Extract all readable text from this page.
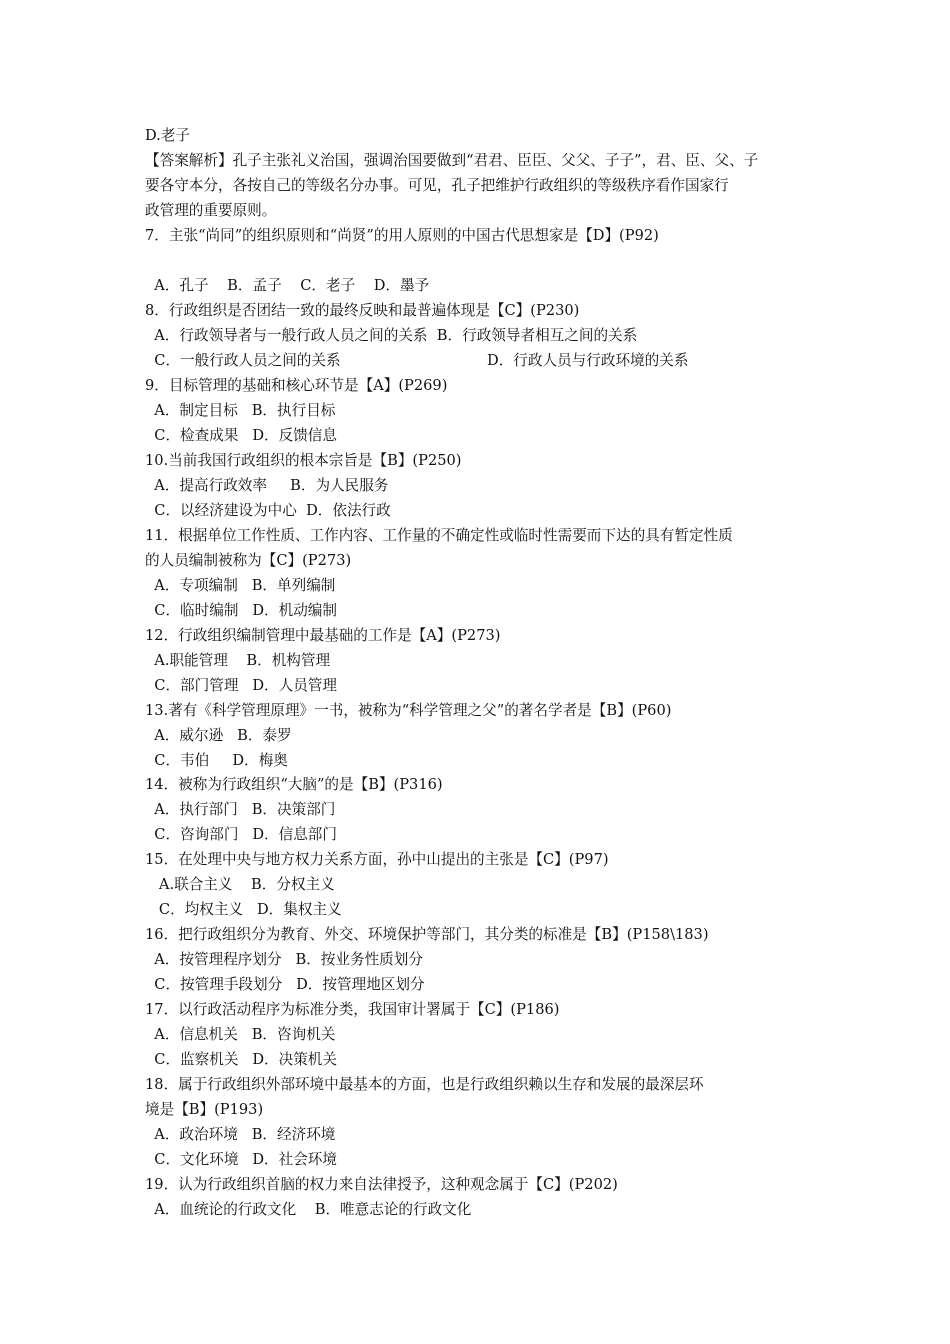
D.老子
【答案解析】孔子主张礼义治国，强调治国要做到“君君、臣臣、父父、子子”，君、臣、父、子
要各守本分，各按自己的等级名分办事。可见，孔子把维护行政组织的等级秩序看作国家行
政管理的重要原则。
7．主张“尚同”的组织原则和“尚贤”的用人原则的中国古代思想家是【D】(P92)
A．孔子    B．孟子    C．老子    D．墨予
8．行政组织是否团结一致的最终反映和最普遍体现是【C】(P230)
A．行政领导者与一般行政人员之间的关系  B．行政领导者相互之间的关系
C．一般行政人员之间的关系	D．行政人员与行政环境的关系
9．目标管理的基础和核心环节是【A】(P269)
A．制定目标   B．执行目标
C．检查成果   D．反馈信息
10.当前我国行政组织的根本宗旨是【B】(P250)
A．提高行政效率     B．为人民服务
C．以经济建设为中心  D．依法行政
11．根据单位工作性质、工作内容、工作量的不确定性或临时性需要而下达的具有暂定性质
的人员编制被称为【C】(P273)
A．专项编制   B．单列编制
C．临时编制   D．机动编制
12．行政组织编制管理中最基础的工作是【A】(P273)
A.职能管理    B．机构管理
C．部门管理   D．人员管理
13.著有《科学管理原理》一书，被称为“科学管理之父”的著名学者是【B】(P60)
A．威尔逊   B．泰罗
C．韦伯     D．梅奥
14．被称为行政组织“大脑”的是【B】(P316)
A．执行部门   B．决策部门
C．咨询部门   D．信息部门
15．在处理中央与地方权力关系方面，孙中山提出的主张是【C】(P97)
A.联合主义    B．分权主义
C．均权主义   D．集权主义
16．把行政组织分为教育、外交、环境保护等部门，其分类的标准是【B】(P158\183)
A．按管理程序划分   B．按业务性质划分
C．按管理手段划分   D．按管理地区划分
17．以行政活动程序为标准分类，我国审计署属于【C】(P186)
A．信息机关   B．咨询机关
C．监察机关   D．决策机关
18．属于行政组织外部环境中最基本的方面，也是行政组织赖以生存和发展的最深层环
境是【B】(P193)
A．政治环境   B．经济环境
C．文化环境   D．社会环境
19．认为行政组织首脑的权力来自法律授予，这种观念属于【C】(P202)
A．血统论的行政文化    B．唯意志论的行政文化
